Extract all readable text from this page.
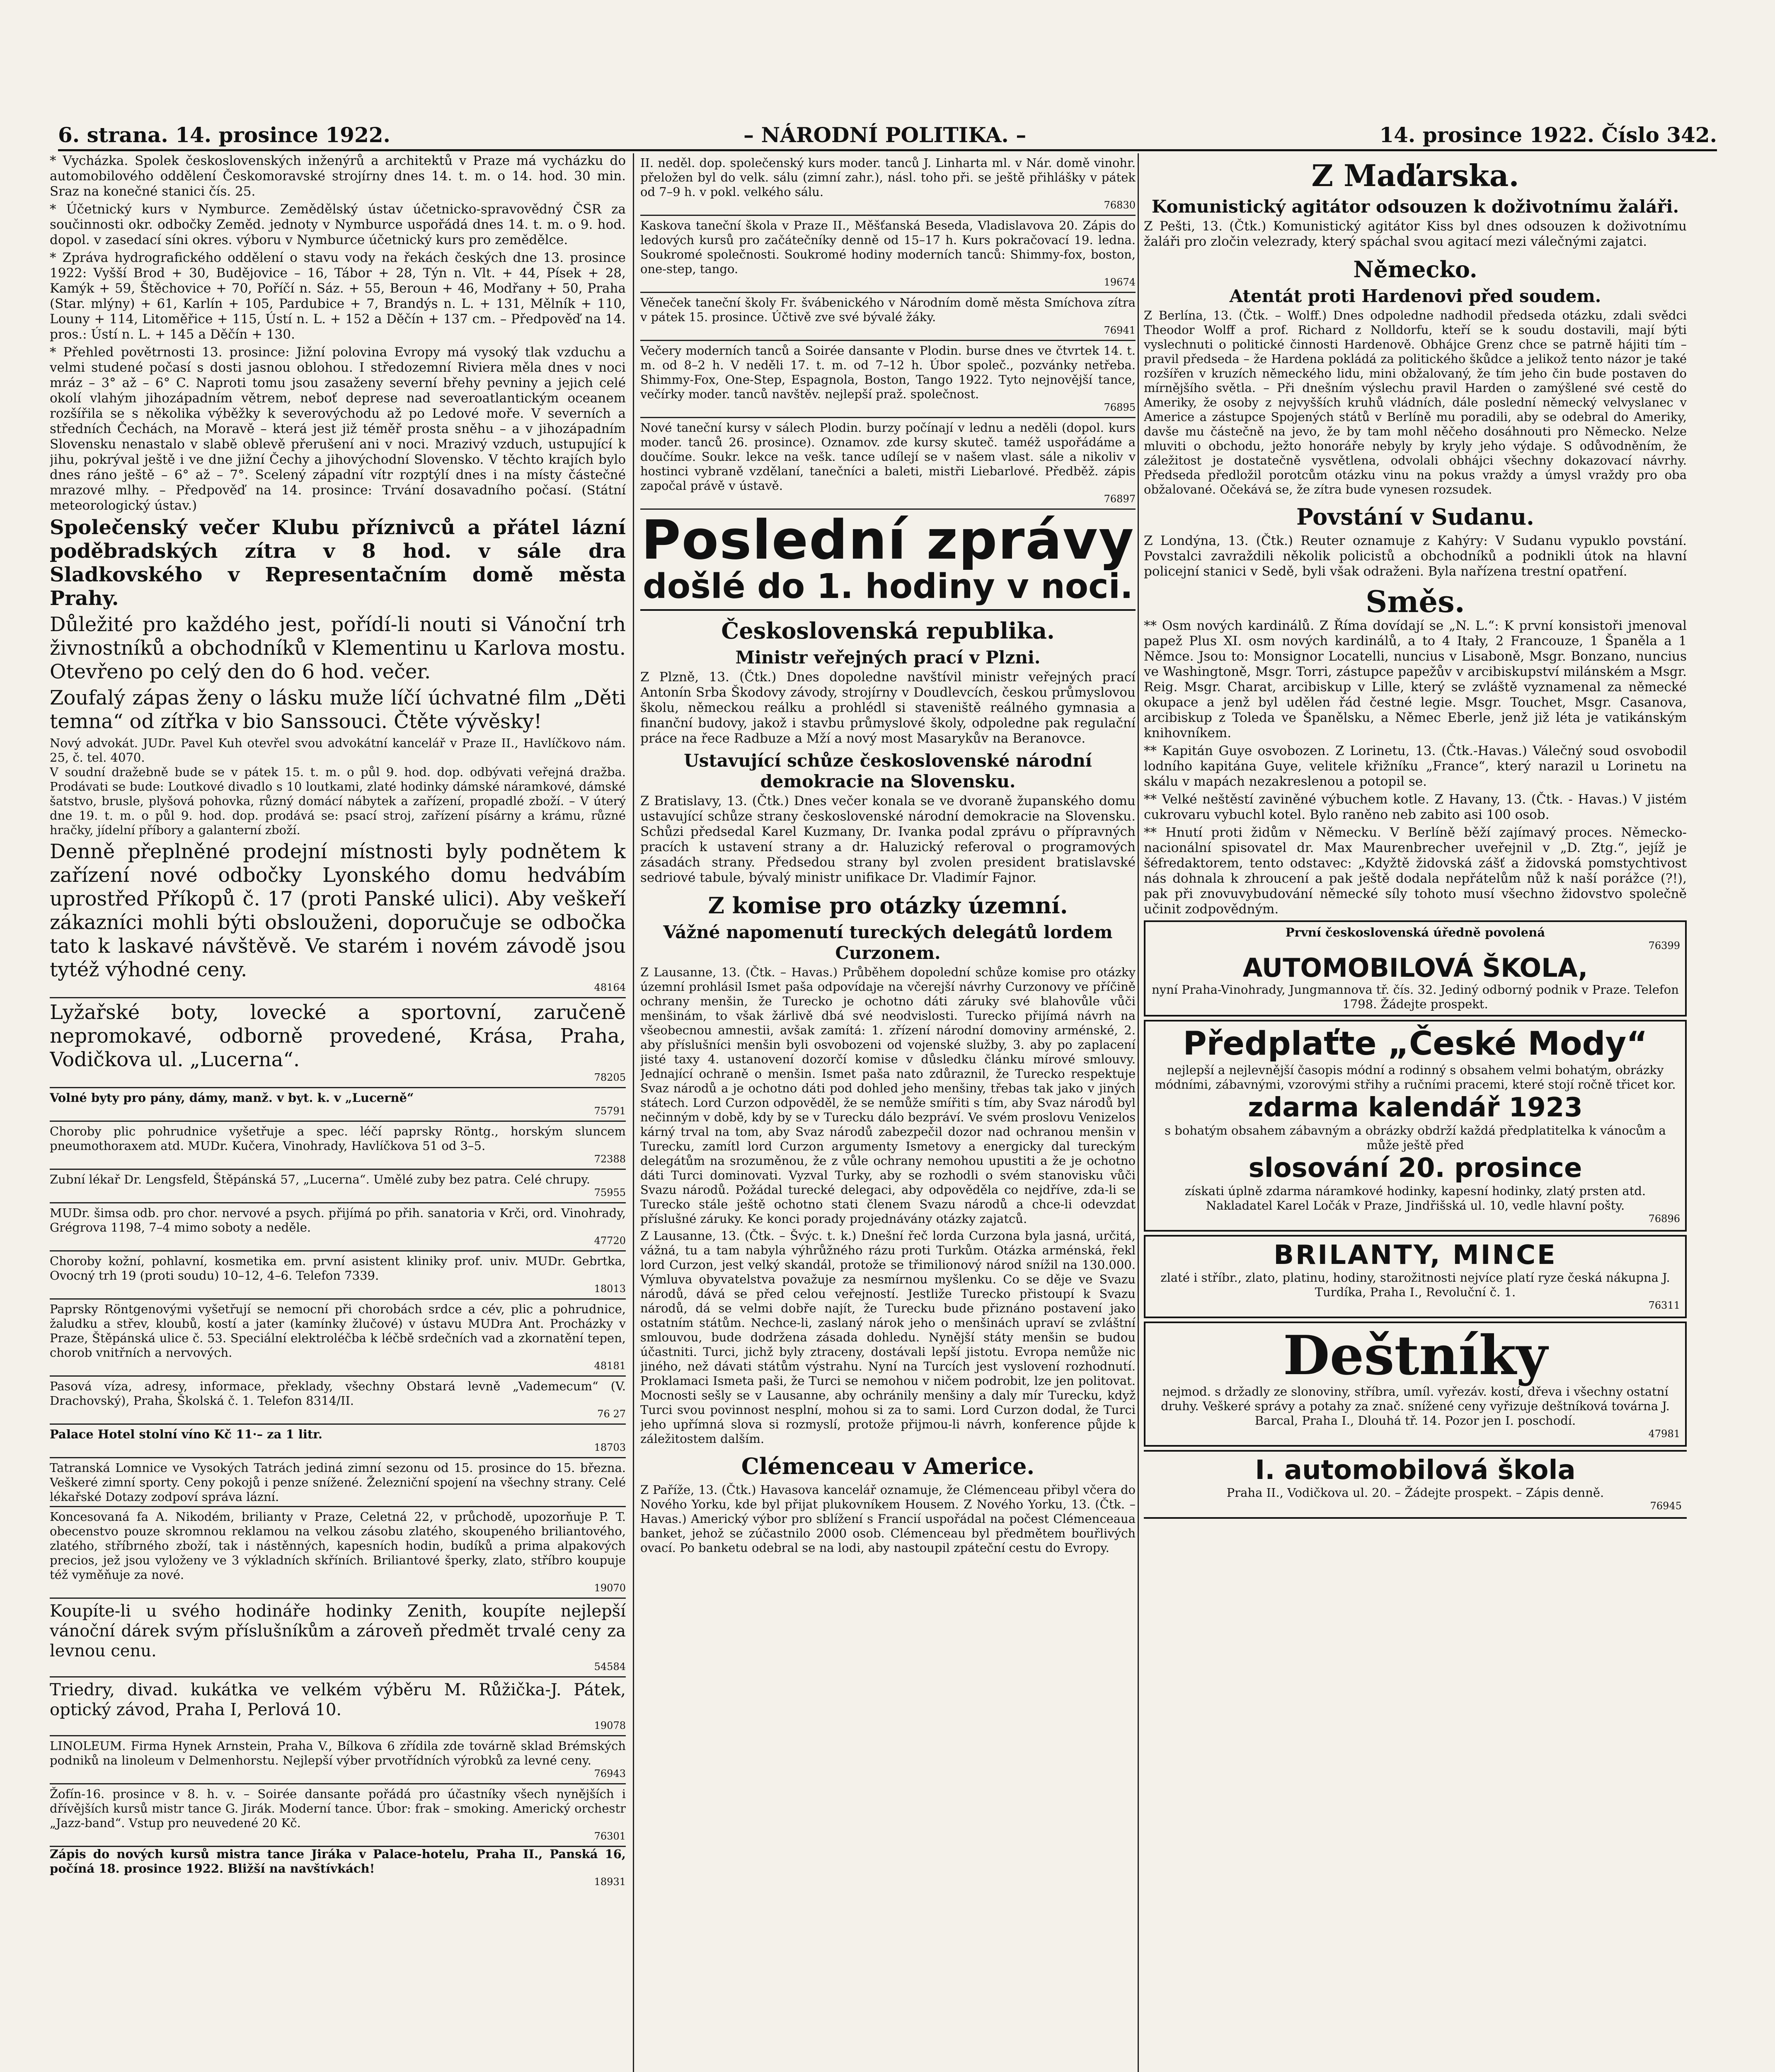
6. strana. 14. prosince 1922.	– NÁRODNÍ POLITIKA. –	14. prosince 1922. Číslo 342.

* Vycházka. Spolek československých inženýrů a architektů v Praze má vycházku do automobilového oddělení Českomoravské strojírny dnes 14. t. m. o 14. hod. 30 min. Sraz na konečné stanici čís. 25.

* Účetnický kurs v Nymburce. Zemědělský ústav účetnicko-spravovědný ČSR za součinnosti okr. odbočky Zeměd. jednoty v Nymburce uspořádá dnes 14. t. m. o 9. hod. dopol. v zasedací síni okres. výboru v Nymburce účetnický kurs pro zemědělce.

* Zpráva hydrografického oddělení o stavu vody na řekách českých dne 13. prosince 1922: Vyšší Brod + 30, Budějovice – 16, Tábor + 28, Týn n. Vlt. + 44, Písek + 28, Kamýk + 59, Štěchovice + 70, Poříčí n. Sáz. + 55, Beroun + 46, Modřany + 50, Praha (Star. mlýny) + 61, Karlín + 105, Pardubice + 7, Brandýs n. L. + 131, Mělník + 110, Louny + 114, Litoměřice + 115, Ústí n. L. + 152 a Děčín + 137 cm. – Předpověď na 14. pros.: Ústí n. L. + 145 a Děčín + 130.

* Přehled povětrnosti 13. prosince: Jižní polovina Evropy má vysoký tlak vzduchu a velmi studené počasí s dosti jasnou oblohou. I středozemní Riviera měla dnes v noci mráz – 3° až – 6° C. Naproti tomu jsou zasaženy severní břehy pevniny a jejich celé okolí vlahým jihozápadním větrem, neboť deprese nad severoatlantickým oceanem rozšířila se s několika výběžky k severovýchodu až po Ledové moře. V severních a středních Čechách, na Moravě – která jest již téměř prosta sněhu – a v jihozápadním Slovensku nenastalo v slabě oblevě přerušení ani v noci. Mrazivý vzduch, ustupující k jihu, pokrýval ještě i ve dne jižní Čechy a jihovýchodní Slovensko. V těchto krajích bylo dnes ráno ještě – 6° až – 7°. Scelený západní vítr rozptýlí dnes i na místy částečné mrazové mlhy. – Předpověď na 14. prosince: Trvání dosavadního počasí. (Státní meteorologický ústav.)

Společenský večer Klubu příznivců a přátel lázní poděbradských zítra v 8 hod. v sále dra Sladkovského v Representačním domě města Prahy.

Důležité pro každého jest, pořídí-li nouti si Vánoční trh živnostníků a obchodníků v Klementinu u Karlova mostu. Otevřeno po celý den do 6 hod. večer.

Zoufalý zápas ženy o lásku muže líčí úchvatné film „Děti temna“ od zítřka v bio Sanssouci. Čtěte vývěsky!

Nový advokát. JUDr. Pavel Kuh otevřel svou advokátní kancelář v Praze II., Havlíčkovo nám. 25, č. tel. 4070.

V soudní dražebně bude se v pátek 15. t. m. o půl 9. hod. dop. odbývati veřejná dražba. Prodávati se bude: Loutkové divadlo s 10 loutkami, zlaté hodinky dámské náramkové, dámské šatstvo, brusle, plyšová pohovka, různý domácí nábytek a zařízení, propadlé zboží. – V úterý dne 19. t. m. o půl 9. hod. dop. prodává se: psací stroj, zařízení písárny a krámu, různé hračky, jídelní příbory a galanterní zboží.

Denně přeplněné prodejní místnosti byly podnětem k zařízení nové odbočky Lyonského domu hedvábím uprostřed Příkopů č. 17 (proti Panské ulici). Aby veškeří zákazníci mohli býti obslouženi, doporučuje se odbočka tato k laskavé návštěvě. Ve starém i novém závodě jsou tytéž výhodné ceny.

48164

Lyžařské boty, lovecké a sportovní, zaručeně nepromokavé, odborně provedené, Krása, Praha, Vodičkova ul. „Lucerna“.

78205

Volné byty pro pány, dámy, manž. v byt. k. v „Lucerně“

75791

Choroby plic pohrudnice vyšetřuje a spec. léčí paprsky Röntg., horským sluncem pneumothoraxem atd. MUDr. Kučera, Vinohrady, Havlíčkova 51 od 3–5.

72388

Zubní lékař Dr. Lengsfeld, Štěpánská 57, „Lucerna“. Umělé zuby bez patra. Celé chrupy.

75955

MUDr. šimsa odb. pro chor. nervové a psych. přijímá po přih. sanatoria v Krči, ord. Vinohrady, Grégrova 1198, 7–4 mimo soboty a neděle.

47720

Choroby kožní, pohlavní, kosmetika em. první asistent kliniky prof. univ. MUDr. Gebrtka, Ovocný trh 19 (proti soudu) 10–12, 4–6. Telefon 7339.

18013

Paprsky Röntgenovými vyšetřují se nemocní při chorobách srdce a cév, plic a pohrudnice, žaludku a střev, kloubů, kostí a jater (kamínky žlučové) v ústavu MUDra Ant. Procházky v Praze, Štěpánská ulice č. 53. Speciální elektroléčba k léčbě srdečních vad a zkornatění tepen, chorob vnitřních a nervových.

48181

Pasová víza, adresy, informace, překlady, všechny Obstará levně „Vademecum“ (V. Drachovský), Praha, Školská č. 1. Telefon 8314/II.

76 27

Palace Hotel stolní víno Kč 11·– za 1 litr.

18703

Tatranská Lomnice ve Vysokých Tatrách jediná zimní sezonu od 15. prosince do 15. března. Veškeré zimní sporty. Ceny pokojů i penze snížené. Železniční spojení na všechny strany. Celé lékařské Dotazy zodpoví správa lázní.

Koncesovaná fa A. Nikodém, brilianty v Praze, Celetná 22, v průchodě, upozorňuje P. T. obecenstvo pouze skromnou reklamou na velkou zásobu zlatého, skoupeného briliantového, zlatého, stříbrného zboží, tak i nástěnných, kapesních hodin, budíků a prima alpakových precios, jež jsou vyloženy ve 3 výkladních skříních. Briliantové šperky, zlato, stříbro koupuje též vyměňuje za nové.

19070

Koupíte-li u svého hodináře hodinky Zenith, koupíte nejlepší vánoční dárek svým příslušníkům a zároveň předmět trvalé ceny za levnou cenu.

54584

Triedry, divad. kukátka ve velkém výběru M. Růžička-J. Pátek, optický závod, Praha I, Perlová 10.

19078

LINOLEUM. Firma Hynek Arnstein, Praha V., Bílkova 6 zřídila zde továrně sklad Brémských podniků na linoleum v Delmenhorstu. Nejlepší výber prvotřídních výrobků za levné ceny.

76943

Žofín-16. prosince v 8. h. v. – Soirée dansante pořádá pro účastníky všech nynějších i dřívějších kursů mistr tance G. Jirák. Moderní tance. Úbor: frak – smoking. Americký orchestr „Jazz-band“. Vstup pro neuvedené 20 Kč.

76301

Zápis do nových kursů mistra tance Jiráka v Palace-hotelu, Praha II., Panská 16, počíná 18. prosince 1922. Bližší na navštívkách!

18931

II. neděl. dop. společenský kurs moder. tanců J. Linharta ml. v Nár. domě vinohr. přeložen byl do velk. sálu (zimní zahr.), násl. toho při. se ještě přihlášky v pátek od 7–9 h. v pokl. velkého sálu.

76830

Kaskova taneční škola v Praze II., Měšťanská Beseda, Vladislavova 20. Zápis do ledových kursů pro začátečníky denně od 15–17 h. Kurs pokračovací 19. ledna. Soukromé společnosti. Soukromé hodiny moderních tanců: Shimmy-fox, boston, one-step, tango.

19674

Věneček taneční školy Fr. švábenického v Národním domě města Smíchova zítra v pátek 15. prosince. Účtivě zve své bývalé žáky.

76941

Večery moderních tanců a Soirée dansante v Plodin. burse dnes ve čtvrtek 14. t. m. od 8–2 h. V neděli 17. t. m. od 7–12 h. Úbor společ., pozvánky netřeba. Shimmy-Fox, One-Step, Espagnola, Boston, Tango 1922. Tyto nejnovější tance, večírky moder. tanců navštěv. nejlepší praž. společnost.

76895

Nové taneční kursy v sálech Plodin. burzy počínají v lednu a neděli (dopol. kurs moder. tanců 26. prosince). Oznamov. zde kursy skuteč. taméž uspořádáme a doučíme. Soukr. lekce na vešk. tance udílejí se v našem vlast. sále a nikoliv v hostinci vybraně vzdělaní, tanečníci a baleti, mistři Liebarlové. Předběž. zápis započal právě v ústavě.

76897

Poslední zprávy
došlé do 1. hodiny v noci.
Československá republika.
Ministr veřejných prací v Plzni.

Z Plzně, 13. (Čtk.) Dnes dopoledne navštívil ministr veřejných prací Antonín Srba Škodovy závody, strojírny v Doudlevcích, českou průmyslovou školu, německou reálku a prohlédl si staveniště reálného gymnasia a finanční budovy, jakož i stavbu průmyslové školy, odpoledne pak regulační práce na řece Radbuze a Mží a nový most Masarykův na Beranovce.

Ustavující schůze československé národní demokracie na Slovensku.

Z Bratislavy, 13. (Čtk.) Dnes večer konala se ve dvoraně županského domu ustavující schůze strany československé národní demokracie na Slovensku. Schůzi předsedal Karel Kuzmany, Dr. Ivanka podal zprávu o přípravných pracích k ustavení strany a dr. Haluzický referoval o programových zásadách strany. Předsedou strany byl zvolen president bratislavské sedriové tabule, bývalý ministr unifikace Dr. Vladimír Fajnor.

Z komise pro otázky územní.
Vážné napomenutí tureckých delegátů lordem Curzonem.

Z Lausanne, 13. (Čtk. – Havas.) Průběhem dopolední schůze komise pro otázky územní prohlásil Ismet paša odpovídaje na včerejší návrhy Curzonovy ve příčině ochrany menšin, že Turecko je ochotno dáti záruky své blahovůle vůči menšinám, to však žárlivě dbá své neodvislosti. Turecko přijímá návrh na všeobecnou amnestii, avšak zamítá: 1. zřízení národní domoviny arménské, 2. aby příslušníci menšin byli osvobozeni od vojenské služby, 3. aby po zaplacení jisté taxy 4. ustanovení dozorčí komise v důsledku článku mírové smlouvy. Jednající ochraně o menšin. Ismet paša nato zdůraznil, že Turecko respektuje Svaz národů a je ochotno dáti pod dohled jeho menšiny, třebas tak jako v jiných státech. Lord Curzon odpověděl, že se nemůže smířiti s tím, aby Svaz národů byl nečinným v době, kdy by se v Turecku dálo bezpráví. Ve svém proslovu Venizelos kárný trval na tom, aby Svaz národů zabezpečil dozor nad ochranou menšin v Turecku, zamítl lord Curzon argumenty Ismetovy a energicky dal tureckým delegátům na srozuměnou, že z vůle ochrany nemohou upustiti a že je ochotno dáti Turci dominovati. Vyzval Turky, aby se rozhodli o svém stanovisku vůči Svazu národů. Požádal turecké delegaci, aby odpověděla co nejdříve, zda-li se Turecko stále ještě ochotno stati členem Svazu národů a chce-li odevzdat příslušné záruky. Ke konci porady projednávány otázky zajatců.

Z Lausanne, 13. (Čtk. – Švýc. t. k.) Dnešní řeč lorda Curzona byla jasná, určitá, vážná, tu a tam nabyla výhrůžného rázu proti Turkům. Otázka arménská, řekl lord Curzon, jest velký skandál, protože se třimilionový národ snížil na 130.000. Výmluva obyvatelstva považuje za nesmírnou myšlenku. Co se děje ve Svazu národů, dává se před celou veřejností. Jestliže Turecko přistoupí k Svazu národů, dá se velmi dobře najít, že Turecku bude přiznáno postavení jako ostatním státům. Nechce-li, zaslaný nárok jeho o menšinách upraví se zvláštní smlouvou, bude dodržena zásada dohledu. Nynější státy menšin se budou účastniti. Turci, jichž byly ztraceny, dostávali lepší jistotu. Evropa nemůže nic jiného, než dávati státům výstrahu. Nyní na Turcích jest vyslovení rozhodnutí. Proklamaci Ismeta paši, že Turci se nemohou v ničem podrobit, lze jen politovat. Mocnosti sešly se v Lausanne, aby ochránily menšiny a daly mír Turecku, když Turci svou povinnost nesplní, mohou si za to sami. Lord Curzon dodal, že Turci jeho upřímná slova si rozmyslí, protože přijmou-li návrh, konference půjde k záležitostem dalším.

Clémenceau v Americe.

Z Paříže, 13. (Čtk.) Havasova kancelář oznamuje, že Clémenceau přibyl včera do Nového Yorku, kde byl přijat plukovníkem Housem. Z Nového Yorku, 13. (Čtk. – Havas.) Americký výbor pro sblížení s Francií uspořádal na počest Clémenceaua banket, jehož se zúčastnilo 2000 osob. Clémenceau byl předmětem bouřlivých ovací. Po banketu odebral se na lodi, aby nastoupil zpáteční cestu do Evropy.

Z Maďarska.
Komunistický agitátor odsouzen k doživotnímu žaláři.

Z Pešti, 13. (Čtk.) Komunistický agitátor Kiss byl dnes odsouzen k doživotnímu žaláři pro zločin velezrady, který spáchal svou agitací mezi válečnými zajatci.

Německo.
Atentát proti Hardenovi před soudem.

Z Berlína, 13. (Čtk. – Wolff.) Dnes odpoledne nadhodil předseda otázku, zdali svědci Theodor Wolff a prof. Richard z Nolldorfu, kteří se k soudu dostavili, mají býti vyslechnuti o politické činnosti Hardenově. Obhájce Grenz chce se patrně hájiti tím – pravil předseda – že Hardena pokládá za politického škůdce a jelikož tento názor je také rozšířen v kruzích německého lidu, mini obžalovaný, že tím jeho čin bude postaven do mírnějšího světla. – Při dnešním výslechu pravil Harden o zamýšlené své cestě do Ameriky, že osoby z nejvyšších kruhů vládních, dále poslední německý velvyslanec v Americe a zástupce Spojených států v Berlíně mu poradili, aby se odebral do Ameriky, davše mu částečně na jevo, že by tam mohl něčeho dosáhnouti pro Německo. Nelze mluviti o obchodu, ježto honoráře nebyly by kryly jeho výdaje. S odůvodněním, že záležitost je dostatečně vysvětlena, odvolali obhájci všechny dokazovací návrhy. Předseda předložil porotcům otázku vinu na pokus vraždy a úmysl vraždy pro oba obžalované. Očekává se, že zítra bude vynesen rozsudek.

Povstání v Sudanu.

Z Londýna, 13. (Čtk.) Reuter oznamuje z Kahýry: V Sudanu vypuklo povstání. Povstalci zavraždili několik policistů a obchodníků a podnikli útok na hlavní policejní stanici v Sedě, byli však odraženi. Byla nařízena trestní opatření.

Směs.

** Osm nových kardinálů. Z Říma dovídají se „N. L.“: K první konsistoři jmenoval papež Plus XI. osm nových kardinálů, a to 4 Itały, 2 Francouze, 1 Španěla a 1 Němce. Jsou to: Monsignor Locatelli, nuncius v Lisaboně, Msgr. Bonzano, nuncius ve Washingtoně, Msgr. Torri, zástupce papežův v arcibiskupství milánském a Msgr. Reig. Msgr. Charat, arcibiskup v Lille, který se zvláště vyznamenal za německé okupace a jenž byl udělen řád čestné legie. Msgr. Touchet, Msgr. Casanova, arcibiskup z Toleda ve Španělsku, a Němec Eberle, jenž již léta je vatikánským knihovníkem.

** Kapitán Guye osvobozen. Z Lorinetu, 13. (Čtk.-Havas.) Válečný soud osvobodil lodního kapitána Guye, velitele křižníku „France“, který narazil u Lorinetu na skálu v mapách nezakreslenou a potopil se.

** Velké neštěstí zaviněné výbuchem kotle. Z Havany, 13. (Čtk. - Havas.) V jistém cukrovaru vybuchl kotel. Bylo raněno neb zabito asi 100 osob.

** Hnutí proti židům v Německu. V Berlíně běží zajímavý proces. Německo-nacionální spisovatel dr. Max Maurenbrecher uveřejnil v „D. Ztg.“, jejíž je šéfredaktorem, tento odstavec: „Kdyžtě židovská zášť a židovská pomstychtivost nás dohnala k zhroucení a pak ještě dodala nepřátelům nůž k naší porážce (?!), pak při znovuvybudování německé síly tohoto musí všechno židovstvo společně učinit zodpovědným.

První československá úředně povolená

76399

AUTOMOBILOVÁ ŠKOLA,

nyní Praha-Vinohrady, Jungmannova tř. čís. 32. Jediný odborný podnik v Praze. Telefon 1798. Žádejte prospekt.

Předplaťte „České Mody“

nejlepší a nejlevnější časopis módní a rodinný s obsahem velmi bohatým, obrázky módními, zábavnými, vzorovými střihy a ručními pracemi, které stojí ročně třicet kor.

zdarma kalendář 1923

s bohatým obsahem zábavným a obrázky obdrží každá předplatitelka k vánocům a může ještě před

slosování 20. prosince

získati úplně zdarma náramkové hodinky, kapesní hodinky, zlatý prsten atd. Nakladatel Karel Ločák v Praze, Jindřišská ul. 10, vedle hlavní pošty.

76896

BRILANTY, MINCE

zlaté i stříbr., zlato, platinu, hodiny, starožitnosti nejvíce platí ryze česká nákupna J. Turdíka, Praha I., Revoluční č. 1.

76311

Deštníky

nejmod. s držadly ze slonoviny, stříbra, umíl. vyřezáv. kostí, dřeva i všechny ostatní druhy. Veškeré správy a potahy za znač. snížené ceny vyřizuje deštníková továrna J. Barcal, Praha I., Dlouhá tř. 14. Pozor jen I. poschodí.

47981

I. automobilová škola

Praha II., Vodičkova ul. 20. – Žádejte prospekt. – Zápis denně.

76945
